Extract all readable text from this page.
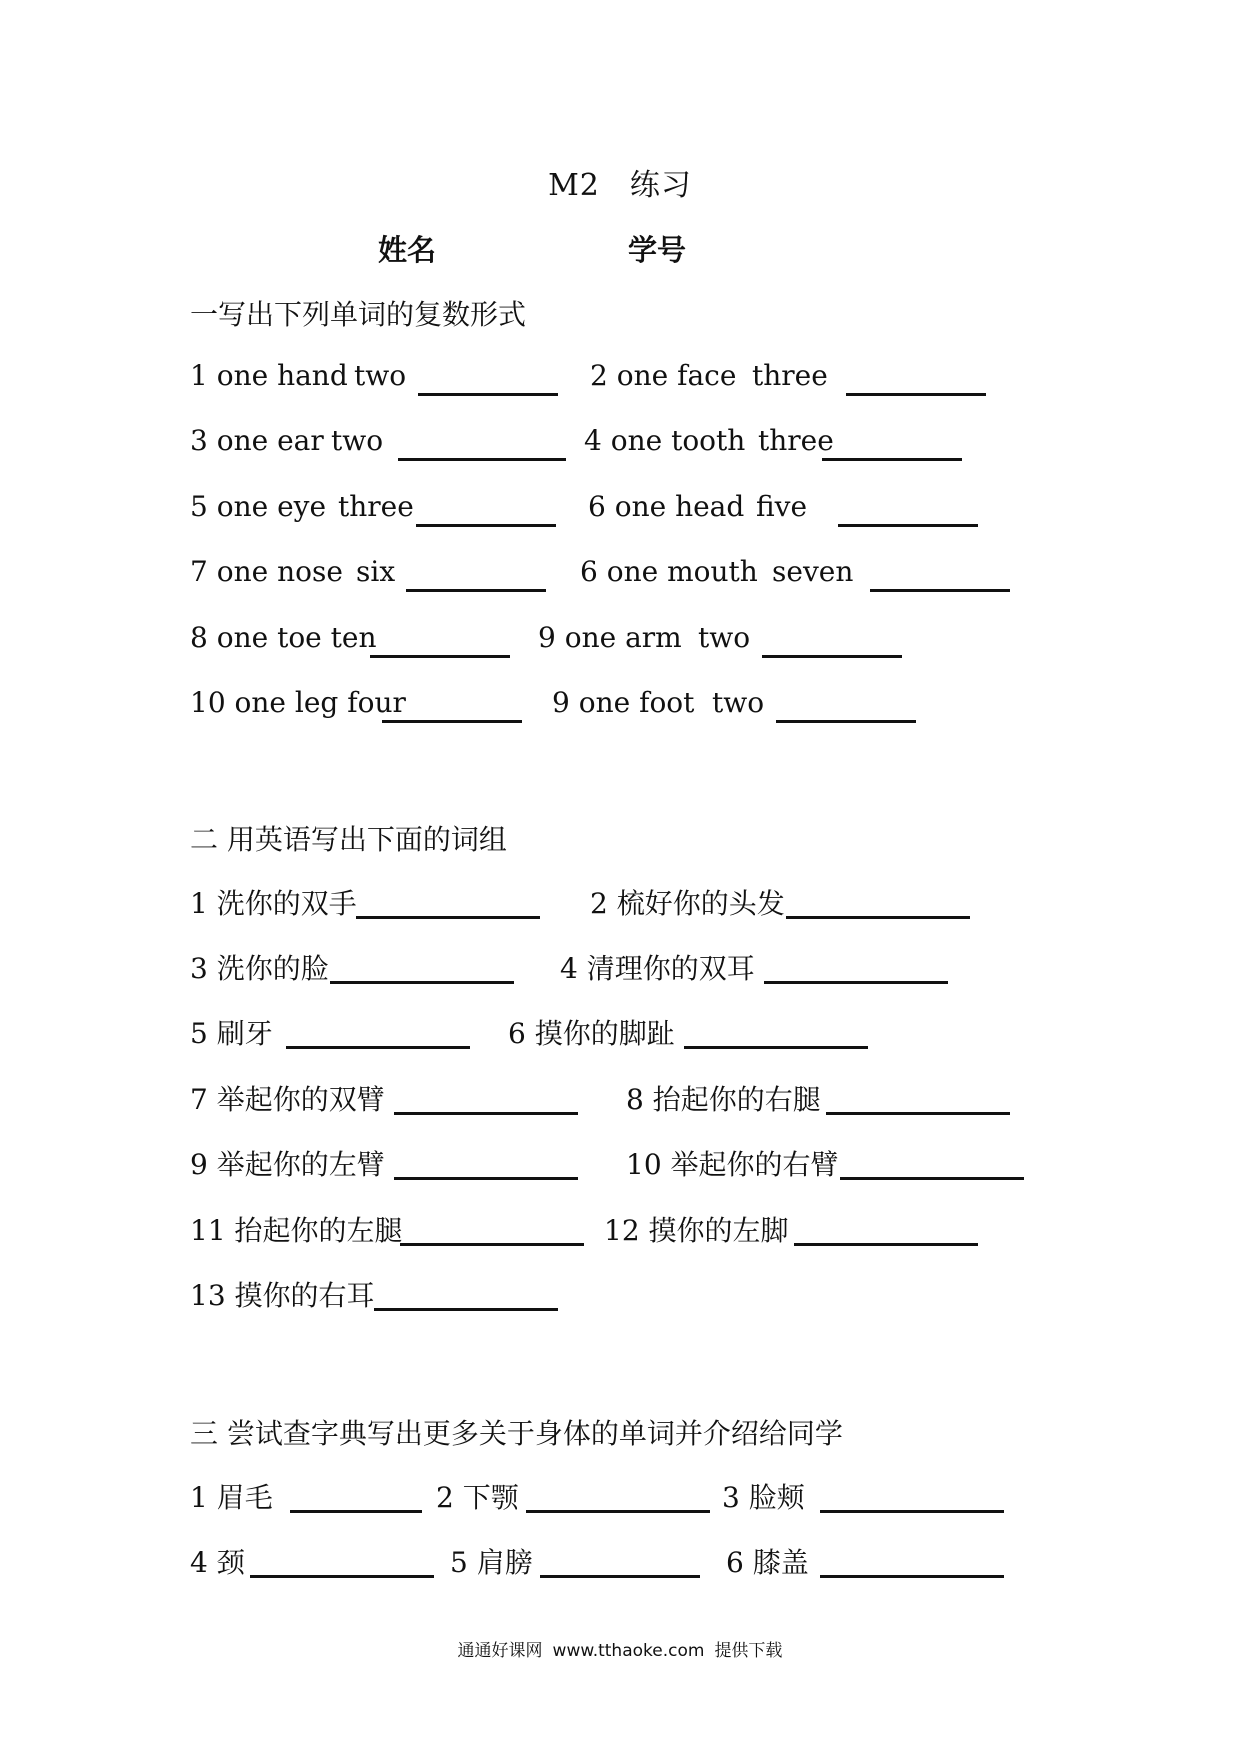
M2 练习
姓名	学号
一写出下列单词的复数形式
1 one hand two	2 one face three
3 one ear two	4 one tooth three
5 one eye three	6 one head five
7 one nose six	6 one mouth seven
8 one toe ten	9 one arm two
10 one leg four	9 one foot two
二 用英语写出下面的词组
1 洗你的双手	2 梳好你的头发
3 洗你的脸	4 清理你的双耳
5 刷牙	6 摸你的脚趾
7 举起你的双臂	8 抬起你的右腿
9 举起你的左臂	10 举起你的右臂
11 抬起你的左腿	12 摸你的左脚
13 摸你的右耳
三 尝试查字典写出更多关于身体的单词并介绍给同学
1 眉毛	2 下颚	3 脸颊
4 颈	5 肩膀	6 膝盖
通通好课网 www.tthaoke.com 提供下载
